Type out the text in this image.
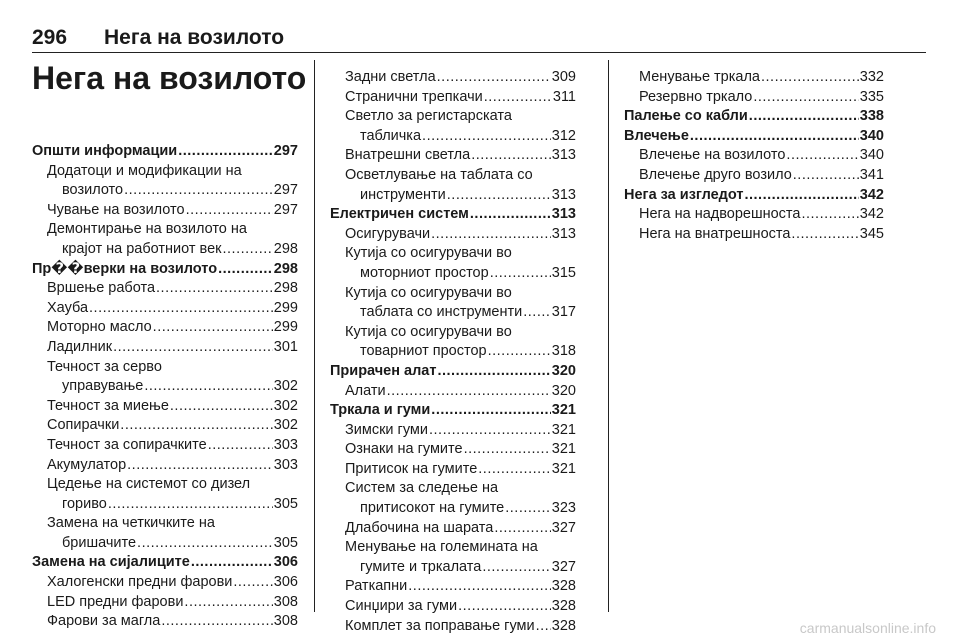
296 Нега на возилото
Нега на возилото
Општи информации .....	297
Додатоци и модификации на
возилото .....	297
Чување на возилото .....	297
Демонтирање на возилото на
крајот на работниот век .....	298
Пр��верки на возилото .....	298
Вршење работа .....	298
Хауба .....	299
Моторно масло .....	299
Ладилник .....	301
Течност за серво
управување .....	302
Течност за миење .....	302
Сопирачки .....	302
Течност за сопирачките .....	303
Акумулатор .....	303
Цедење на системот со дизел
гориво .....	305
Замена на четкичките на
бришачите .....	305
Замена на сијалиците .....	306
Халогенски предни фарови .....	306
LED предни фарови .....	308
Фарови за магла .....	308
Задни светла .....	309
Странични трепкачи .....	311
Светло за регистарската
табличка .....	312
Внатрешни светла .....	313
Осветлување на таблата со
инструменти .....	313
Електричен систем .....	313
Осигурувачи .....	313
Кутија со осигурувачи во
моторниот простор .....	315
Кутија со осигурувачи во
таблата со инструменти ..... 317
Кутија со осигурувачи во
товарниот простор .....	318
Прирачен алат .....	320
Алати .....	320
Тркала и гуми .....	321
Зимски гуми .....	321
Ознаки на гумите .....	321
Притисок на гумите .....	321
Систем за следење на
притисокот на гумите .....	323
Длабочина на шарата .....	327
Менување на големината на
гумите и тркалата .....	327
Раткапни .....	328
Синџири за гуми .....	328
Комплет за поправање гуми ..... 328
Менување тркала .....	332
Резервно тркало .....	335
Палење со кабли .....	338
Влечење .....	340
Влечење на возилото .....	340
Влечење друго возило .....	341
Нега за изгледот .....	342
Нега на надворешноста .....	342
Нега на внатрешноста .....	345
carmanualsonline.info
